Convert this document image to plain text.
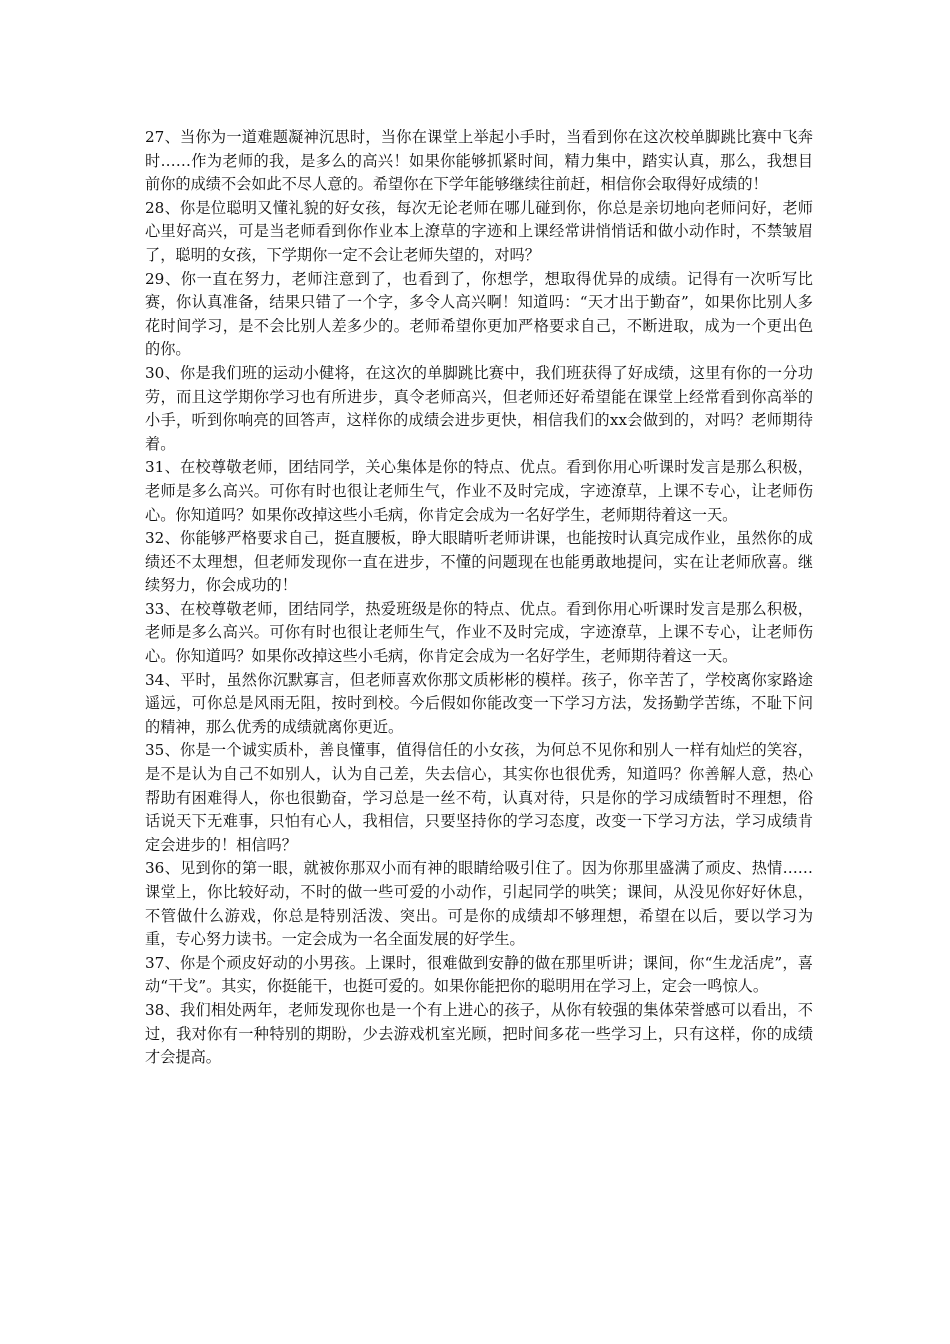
27、当你为一道难题凝神沉思时，当你在课堂上举起小手时，当看到你在这次校单脚跳比赛中飞奔时……作为老师的我，是多么的高兴！如果你能够抓紧时间，精力集中，踏实认真，那么，我想目前你的成绩不会如此不尽人意的。希望你在下学年能够继续往前赶，相信你会取得好成绩的！

28、你是位聪明又懂礼貌的好女孩，每次无论老师在哪儿碰到你，你总是亲切地向老师问好，老师心里好高兴，可是当老师看到你作业本上潦草的字迹和上课经常讲悄悄话和做小动作时，不禁皱眉了，聪明的女孩，下学期你一定不会让老师失望的，对吗？

29、你一直在努力，老师注意到了，也看到了，你想学，想取得优异的成绩。记得有一次听写比赛，你认真准备，结果只错了一个字，多令人高兴啊！知道吗：“天才出于勤奋”，如果你比别人多花时间学习，是不会比别人差多少的。老师希望你更加严格要求自己，不断进取，成为一个更出色的你。

30、你是我们班的运动小健将，在这次的单脚跳比赛中，我们班获得了好成绩，这里有你的一分功劳，而且这学期你学习也有所进步，真令老师高兴，但老师还好希望能在课堂上经常看到你高举的小手，听到你响亮的回答声，这样你的成绩会进步更快，相信我们的xx会做到的，对吗？老师期待着。

31、在校尊敬老师，团结同学，关心集体是你的特点、优点。看到你用心听课时发言是那么积极，老师是多么高兴。可你有时也很让老师生气，作业不及时完成，字迹潦草，上课不专心，让老师伤心。你知道吗？如果你改掉这些小毛病，你肯定会成为一名好学生，老师期待着这一天。

32、你能够严格要求自己，挺直腰板，睁大眼睛听老师讲课，也能按时认真完成作业，虽然你的成绩还不太理想，但老师发现你一直在进步，不懂的问题现在也能勇敢地提问，实在让老师欣喜。继续努力，你会成功的！

33、在校尊敬老师，团结同学，热爱班级是你的特点、优点。看到你用心听课时发言是那么积极，老师是多么高兴。可你有时也很让老师生气，作业不及时完成，字迹潦草，上课不专心，让老师伤心。你知道吗？如果你改掉这些小毛病，你肯定会成为一名好学生，老师期待着这一天。

34、平时，虽然你沉默寡言，但老师喜欢你那文质彬彬的模样。孩子，你辛苦了，学校离你家路途遥远，可你总是风雨无阻，按时到校。今后假如你能改变一下学习方法，发扬勤学苦练，不耻下问的精神，那么优秀的成绩就离你更近。

35、你是一个诚实质朴，善良懂事，值得信任的小女孩，为何总不见你和别人一样有灿烂的笑容，是不是认为自己不如别人，认为自己差，失去信心，其实你也很优秀，知道吗？你善解人意，热心帮助有困难得人，你也很勤奋，学习总是一丝不苟，认真对待，只是你的学习成绩暂时不理想，俗话说天下无难事，只怕有心人，我相信，只要坚持你的学习态度，改变一下学习方法，学习成绩肯定会进步的！相信吗？

36、见到你的第一眼，就被你那双小而有神的眼睛给吸引住了。因为你那里盛满了顽皮、热情……课堂上，你比较好动，不时的做一些可爱的小动作，引起同学的哄笑；课间，从没见你好好休息，不管做什么游戏，你总是特别活泼、突出。可是你的成绩却不够理想，希望在以后，要以学习为重，专心努力读书。一定会成为一名全面发展的好学生。

37、你是个顽皮好动的小男孩。上课时，很难做到安静的做在那里听讲；课间，你“生龙活虎”，喜动“干戈”。其实，你挺能干，也挺可爱的。如果你能把你的聪明用在学习上，定会一鸣惊人。

38、我们相处两年，老师发现你也是一个有上进心的孩子，从你有较强的集体荣誉感可以看出，不过，我对你有一种特别的期盼，少去游戏机室光顾，把时间多花一些学习上，只有这样，你的成绩才会提高。
